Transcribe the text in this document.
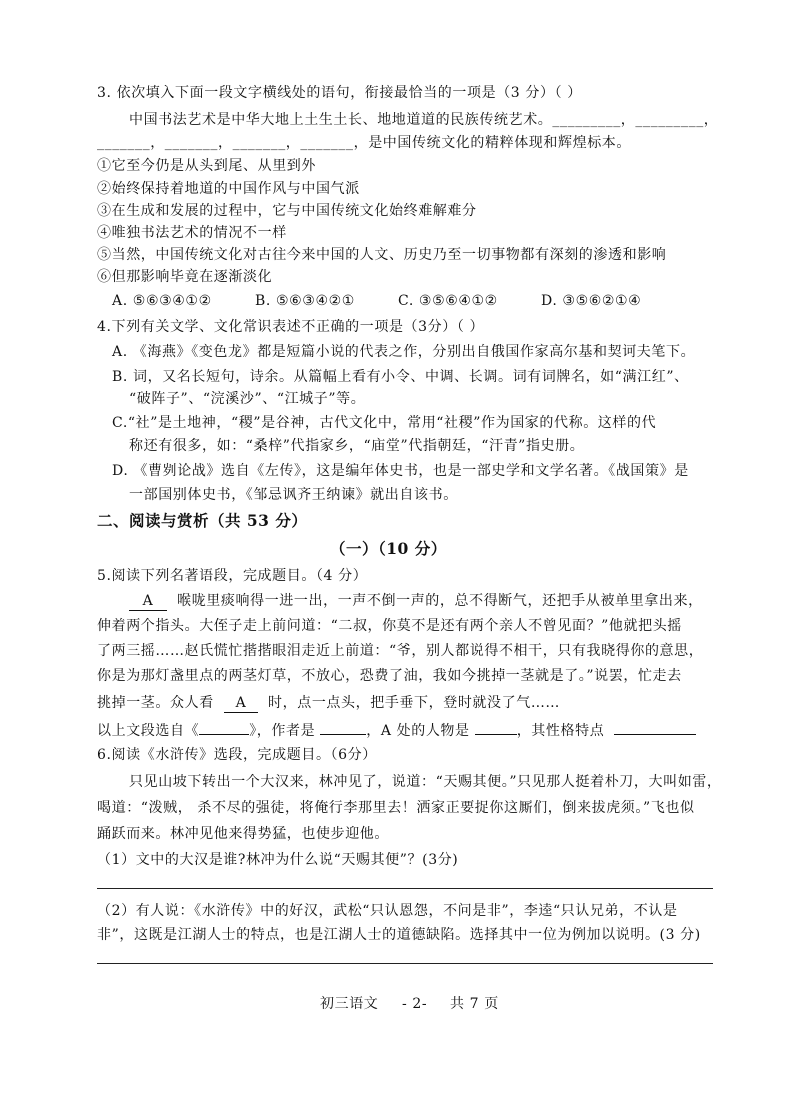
3. 依次填入下面一段文字横线处的语句，衔接最恰当的一项是（3 分）（ ）
中国书法艺术是中华大地上土生土长、地地道道的民族传统艺术。_________，_________，
_______，_______，_______，_______，是中国传统文化的精粹体现和辉煌标本。
①它至今仍是从头到尾、从里到外
②始终保持着地道的中国作风与中国气派
③在生成和发展的过程中，它与中国传统文化始终难解难分
④唯独书法艺术的情况不一样
⑤当然，中国传统文化对古往今来中国的人文、历史乃至一切事物都有深刻的渗透和影响
⑥但那影响毕竟在逐渐淡化
A. ⑤⑥③④①②	B. ⑤⑥③④②①	C. ③⑤⑥④①②	D. ③⑤⑥②①④
4.下列有关文学、文化常识表述不正确的一项是（3分）（ ）
A. 《海燕》《变色龙》都是短篇小说的代表之作，分别出自俄国作家高尔基和契诃夫笔下。
B. 词，又名长短句，诗余。从篇幅上看有小令、中调、长调。词有词牌名，如“满江红”、
“破阵子”、“浣溪沙”、“江城子”等。
C.“社”是土地神，“稷”是谷神，古代文化中，常用“社稷”作为国家的代称。这样的代
称还有很多，如：“桑梓”代指家乡，“庙堂”代指朝廷，“汗青”指史册。
D. 《曹刿论战》选自《左传》，这是编年体史书，也是一部史学和文学名著。《战国策》是
一部国别体史书，《邹忌讽齐王纳谏》就出自该书。
二、阅读与赏析（共 53 分）
（一）（10 分）
5.阅读下列名著语段，完成题目。（4 分）
A 喉咙里痰响得一进一出，一声不倒一声的，总不得断气，还把手从被单里拿出来，
伸着两个指头。大侄子走上前问道：“二叔，你莫不是还有两个亲人不曾见面？”他就把头摇
了两三摇……赵氏慌忙揩揩眼泪走近上前道：“爷，别人都说得不相干，只有我晓得你的意思，
你是为那灯盏里点的两茎灯草，不放心，恐费了油，我如今挑掉一茎就是了。”说罢，忙走去
挑掉一茎。众人看 A 时，点一点头，把手垂下，登时就没了气……
以上文段选自《	》，作者是	，A 处的人物是	，其性格特点
6.阅读《水浒传》选段，完成题目。（6分）
只见山坡下转出一个大汉来，林冲见了，说道：“天赐其便。”只见那人挺着朴刀，大叫如雷，
喝道：“泼贼， 杀不尽的强徒，将俺行李那里去！洒家正要捉你这厮们，倒来拔虎须。”飞也似
踊跃而来。林冲见他来得势猛，也使步迎他。
（1）文中的大汉是谁?林冲为什么说“天赐其便”？(3分)
（2）有人说：《水浒传》中的好汉，武松“只认恩怨，不问是非”，李逵“只认兄弟，不认是
非”，这既是江湖人士的特点，也是江湖人士的道德缺陷。选择其中一位为例加以说明。(3 分)
初三语文 - 2- 共 7 页
